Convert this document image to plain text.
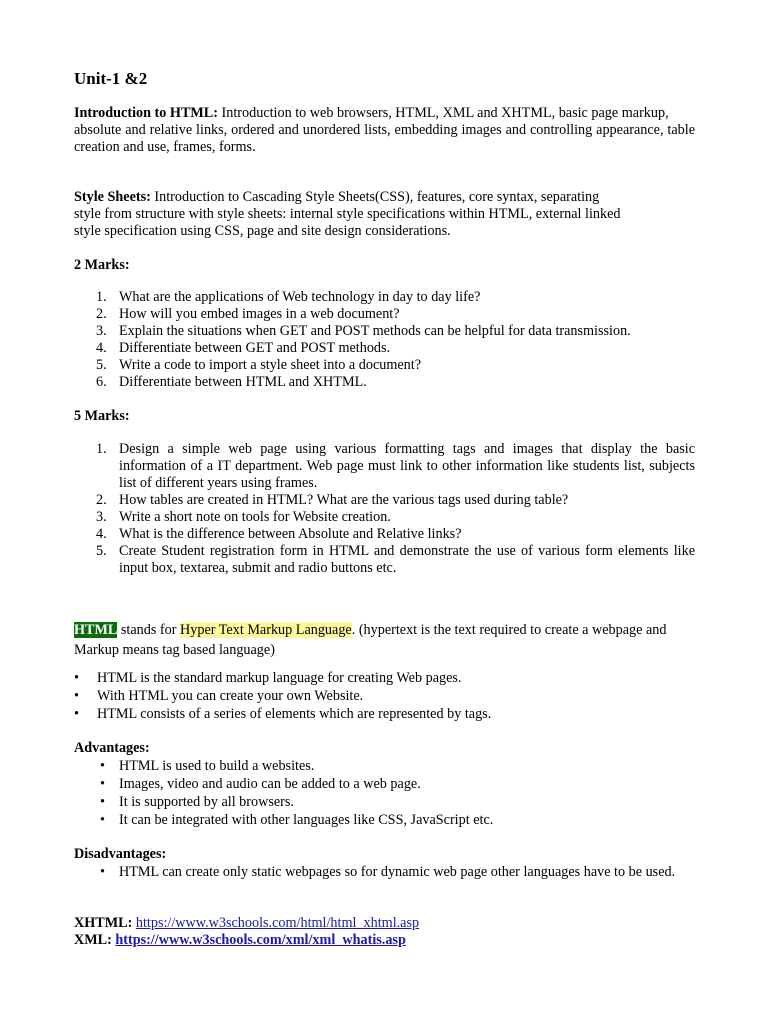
Unit-1 &2

Introduction to HTML: Introduction to web browsers, HTML, XML and XHTML, basic page markup,

absolute and relative links, ordered and unordered lists, embedding images and controlling appearance, table creation and use, frames, forms.

Style Sheets: Introduction to Cascading Style Sheets(CSS), features, core syntax, separating

style from structure with style sheets: internal style specifications within HTML, external linked

style specification using CSS, page and site design considerations.

2 Marks:
1. What are the applications of Web technology in day to day life?
2. How will you embed images in a web document?
3. Explain the situations when GET and POST methods can be helpful for data transmission.
4. Differentiate between GET and POST methods.
5. Write a code to import a style sheet into a document?
6. Differentiate between HTML and XHTML.
5 Marks:
1. Design a simple web page using various formatting tags and images that display the basic information of a IT department. Web page must link to other information like students list, subjects list of different years using frames.
2. How tables are created in HTML? What are the various tags used during table?
3. Write a short note on tools for Website creation.
4. What is the difference between Absolute and Relative links?
5. Create Student registration form in HTML and demonstrate the use of various form elements like input box, textarea, submit and radio buttons etc.
HTML stands for Hyper Text Markup Language. (hypertext is the text required to create a webpage and Markup means tag based language)
• HTML is the standard markup language for creating Web pages.
• With HTML you can create your own Website.
• HTML consists of a series of elements which are represented by tags.
Advantages:
• HTML is used to build a websites.
• Images, video and audio can be added to a web page.
• It is supported by all browsers.
• It can be integrated with other languages like CSS, JavaScript etc.
Disadvantages:
• HTML can create only static webpages so for dynamic web page other languages have to be used.
XHTML: https://www.w3schools.com/html/html_xhtml.asp
XML: https://www.w3schools.com/xml/xml_whatis.asp
